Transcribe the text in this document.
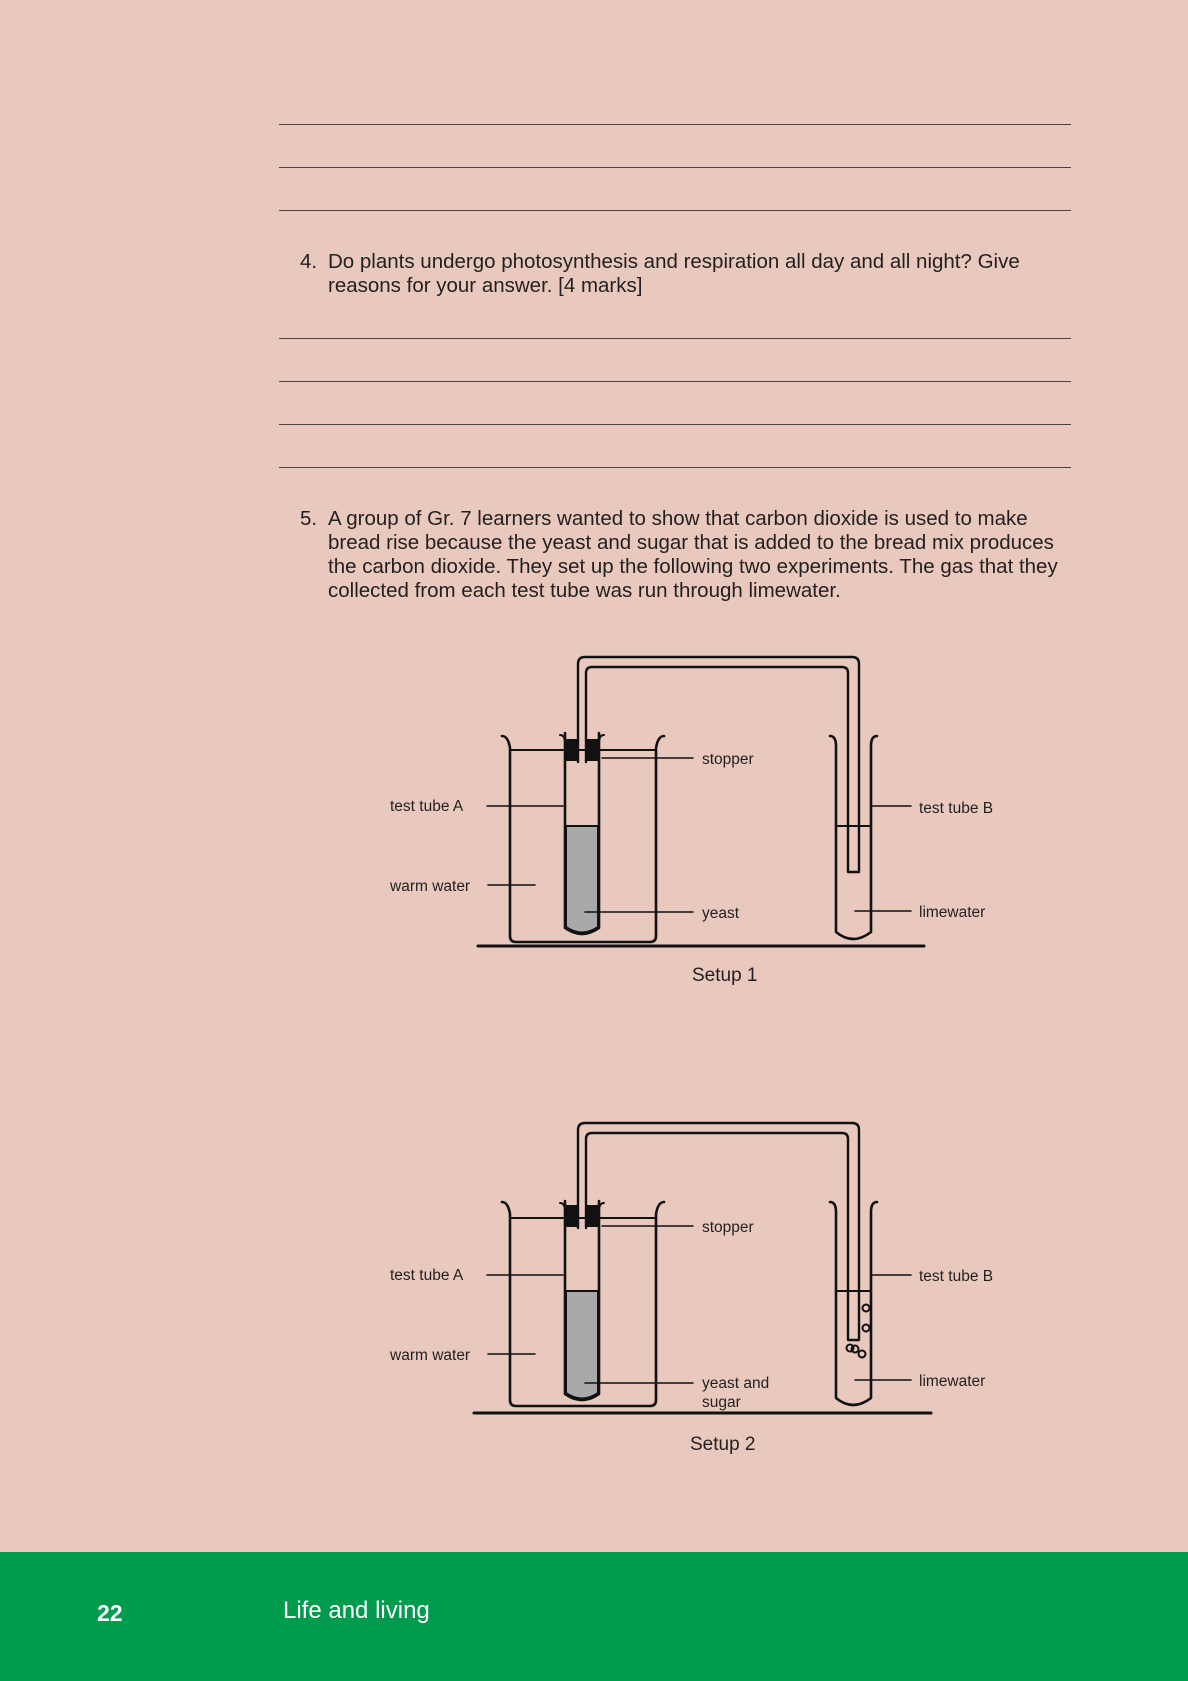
4. Do plants undergo photosynthesis and respiration all day and all night? Give reasons for your answer. [4 marks]
5. A group of Gr. 7 learners wanted to show that carbon dioxide is used to make bread rise because the yeast and sugar that is added to the bread mix produces the carbon dioxide. They set up the following two experiments. The gas that they collected from each test tube was run through limewater.
stopper
test tube A	test tube B
warm water
yeast	limewater
Setup 1
stopper
test tube A	test tube B
warm water
yeast and
sugar
limewater
Setup 2
22	Life and living
